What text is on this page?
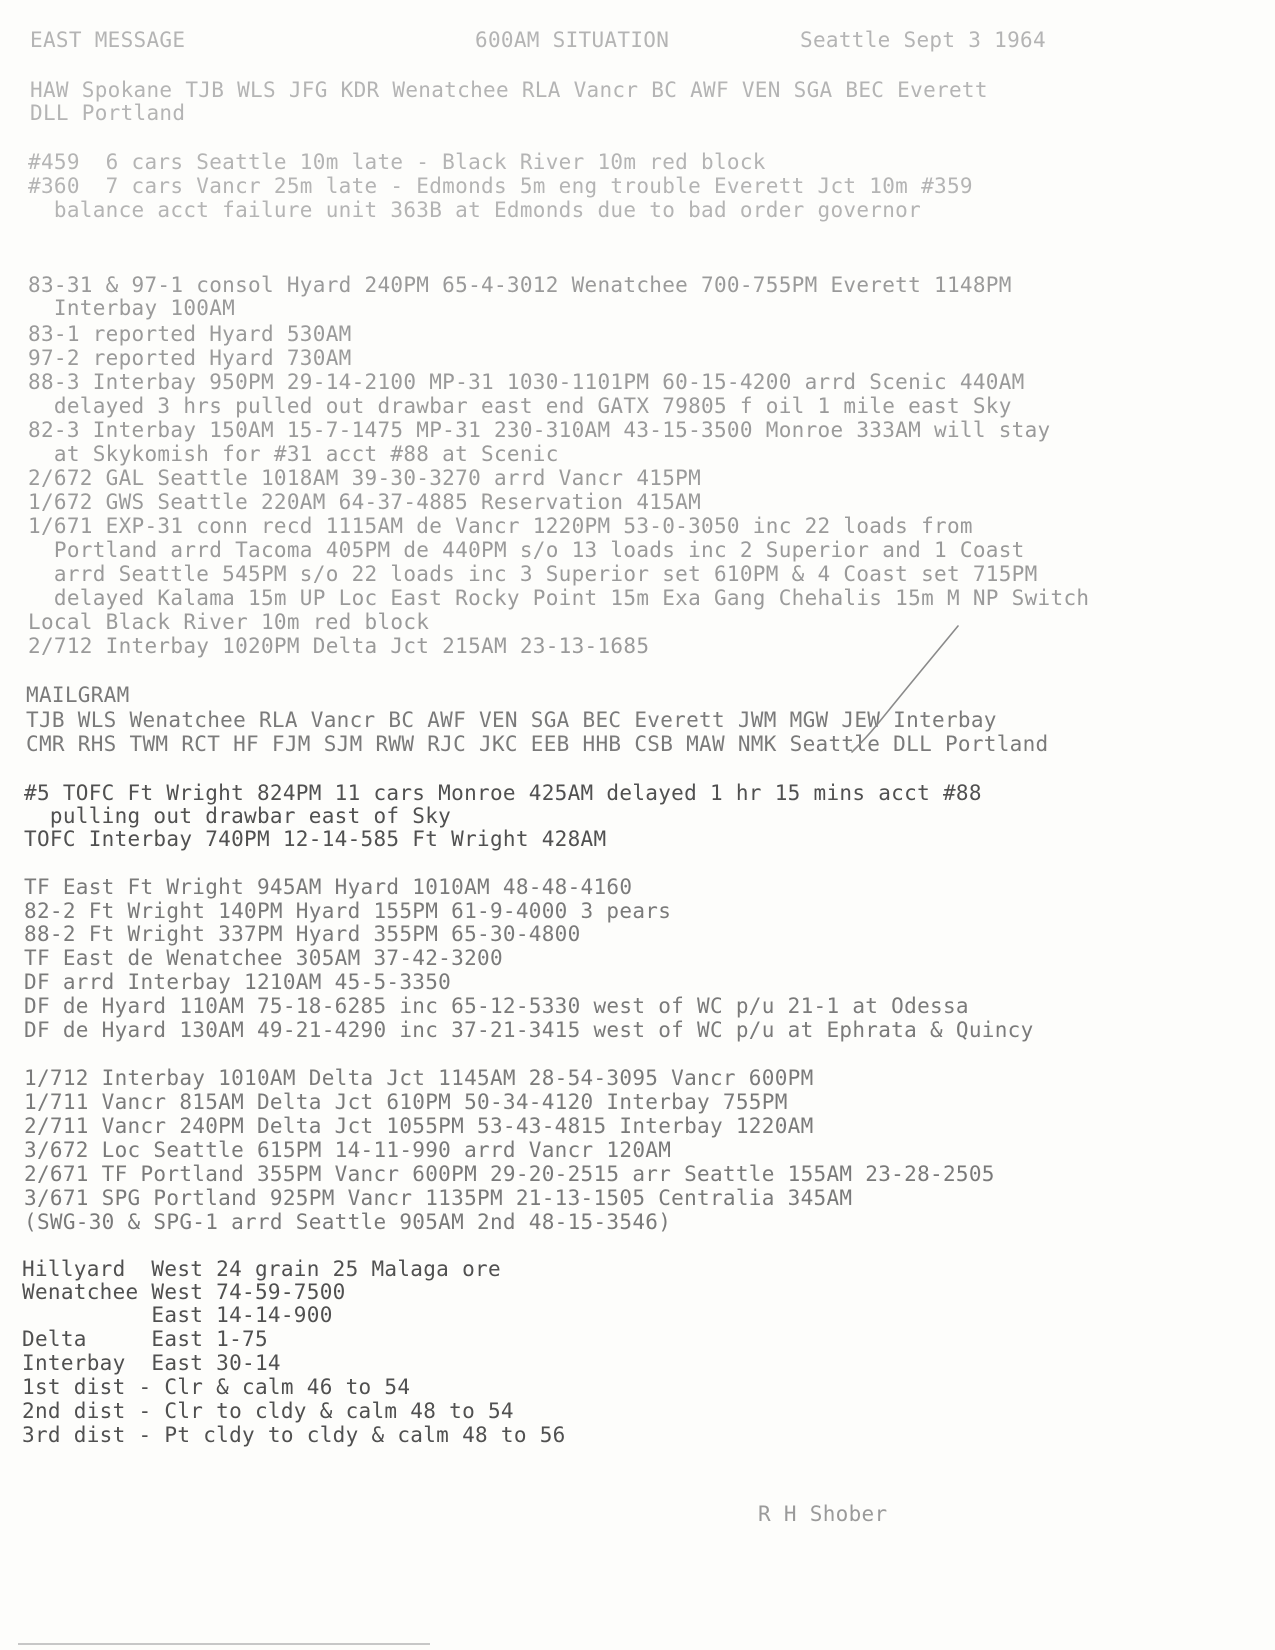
EAST MESSAGE	600AM SITUATION	Seattle Sept 3 1964
HAW Spokane TJB WLS JFG KDR Wenatchee RLA Vancr BC AWF VEN SGA BEC Everett
DLL Portland
#459  6 cars Seattle 10m late - Black River 10m red block
#360  7 cars Vancr 25m late - Edmonds 5m eng trouble Everett Jct 10m #359
balance acct failure unit 363B at Edmonds due to bad order governor
83-31 & 97-1 consol Hyard 240PM 65-4-3012 Wenatchee 700-755PM Everett 1148PM
Interbay 100AM
83-1 reported Hyard 530AM
97-2 reported Hyard 730AM
88-3 Interbay 950PM 29-14-2100 MP-31 1030-1101PM 60-15-4200 arrd Scenic 440AM
delayed 3 hrs pulled out drawbar east end GATX 79805 f oil 1 mile east Sky
82-3 Interbay 150AM 15-7-1475 MP-31 230-310AM 43-15-3500 Monroe 333AM will stay
at Skykomish for #31 acct #88 at Scenic
2/672 GAL Seattle 1018AM 39-30-3270 arrd Vancr 415PM
1/672 GWS Seattle 220AM 64-37-4885 Reservation 415AM
1/671 EXP-31 conn recd 1115AM de Vancr 1220PM 53-0-3050 inc 22 loads from
Portland arrd Tacoma 405PM de 440PM s/o 13 loads inc 2 Superior and 1 Coast
arrd Seattle 545PM s/o 22 loads inc 3 Superior set 610PM & 4 Coast set 715PM
delayed Kalama 15m UP Loc East Rocky Point 15m Exa Gang Chehalis 15m M NP Switch
Local Black River 10m red block
2/712 Interbay 1020PM Delta Jct 215AM 23-13-1685
MAILGRAM
TJB WLS Wenatchee RLA Vancr BC AWF VEN SGA BEC Everett JWM MGW JEW Interbay
CMR RHS TWM RCT HF FJM SJM RWW RJC JKC EEB HHB CSB MAW NMK Seattle DLL Portland
#5 TOFC Ft Wright 824PM 11 cars Monroe 425AM delayed 1 hr 15 mins acct #88
pulling out drawbar east of Sky
TOFC Interbay 740PM 12-14-585 Ft Wright 428AM
TF East Ft Wright 945AM Hyard 1010AM 48-48-4160
82-2 Ft Wright 140PM Hyard 155PM 61-9-4000 3 pears
88-2 Ft Wright 337PM Hyard 355PM 65-30-4800
TF East de Wenatchee 305AM 37-42-3200
DF arrd Interbay 1210AM 45-5-3350
DF de Hyard 110AM 75-18-6285 inc 65-12-5330 west of WC p/u 21-1 at Odessa
DF de Hyard 130AM 49-21-4290 inc 37-21-3415 west of WC p/u at Ephrata & Quincy
1/712 Interbay 1010AM Delta Jct 1145AM 28-54-3095 Vancr 600PM
1/711 Vancr 815AM Delta Jct 610PM 50-34-4120 Interbay 755PM
2/711 Vancr 240PM Delta Jct 1055PM 53-43-4815 Interbay 1220AM
3/672 Loc Seattle 615PM 14-11-990 arrd Vancr 120AM
2/671 TF Portland 355PM Vancr 600PM 29-20-2515 arr Seattle 155AM 23-28-2505
3/671 SPG Portland 925PM Vancr 1135PM 21-13-1505 Centralia 345AM
(SWG-30 & SPG-1 arrd Seattle 905AM 2nd 48-15-3546)
Hillyard  West 24 grain 25 Malaga ore
Wenatchee West 74-59-7500
East 14-14-900
Delta     East 1-75
Interbay  East 30-14
1st dist - Clr & calm 46 to 54
2nd dist - Clr to cldy & calm 48 to 54
3rd dist - Pt cldy to cldy & calm 48 to 56
R H Shober
